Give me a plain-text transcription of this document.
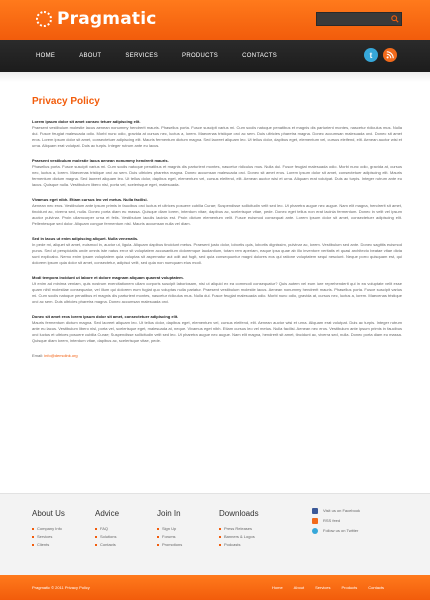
Pragmatic
HOME	ABOUT	SERVICES	PRODUCTS	CONTACTS	t
Privacy Policy
Lorem ipsum dolor sit amet consec tetuer adipiscing elit.
Praesent vestibulum molestie lacus aenean nonummy hendrerit mauris. Phasellus porta. Fusce suscipit varius mi. Cum sociis natoque penatibus et magnis dis parturient montes, nascetur ridiculus mus. Nulla dui. Fusce feugiat malesuada odio. Morbi nunc odio, gravida at cursus nec, luctus a, lorem. Maecenas tristique orci ac sem. Duis ultricies pharetra magna. Donec accumsan malesuada orci. Donec sit amet eros. Lorem ipsum dolor sit amet, consectetuer adipiscing elit. Mauris fermentum dictum magna. Sed laoreet aliquam leo. Ut tellus dolor, dapibus eget, elementum vel, cursus eleifend, elit. Aenean auctor wisi et urna. Aliquam erat volutpat. Duis ac turpis. Integer rutrum ante eu lacus.
Praesent vestibulum molestie lacus aenean nonummy hendrerit mauris.
Phasellus porta. Fusce suscipit varius mi. Cum sociis natoque penatibus et magnis dis parturient montes, nascetur ridiculus mus. Nulla dui. Fusce feugiat malesuada odio. Morbi nunc odio, gravida at, cursus nec, luctus a, lorem. Maecenas tristique orci ac sem. Duis ultricies pharetra magna. Donec accumsan malesuada orci. Donec sit amet eros. Lorem ipsum dolor sit amet, consectetuer adipiscing elit. Mauris fermentum dictum magna. Sed laoreet aliquam leo. Ut tellus dolor, dapibus eget, elementum vel, cursus eleifend, elit. Aenean auctor wisi et urna. Aliquam erat volutpat. Duis ac turpis. Integer rutrum ante eu lacus. Quisque nulla. Vestibulum libero nisl, porta vel, scelerisque eget, malesuada.
Vivamus eget nibh. Etiam cursus leo vel metus. Nulla facilisi.
Aenean nec eros. Vestibulum ante ipsum primis in faucibus orci luctus et ultrices posuere cubilia Curae; Suspendisse sollicitudin velit sed leo. Ut pharetra augue nec augue. Nam elit magna, hendrerit sit amet, tincidunt ac, viverra sed, nulla. Donec porta diam eu massa. Quisque diam lorem, interdum vitae, dapibus ac, scelerisque vitae, pede. Donec eget tellus non erat lacinia fermentum. Donec in velit vel ipsum auctor pulvinar. Proin ullamcorper urna et felis. Vestibulum iaculis lacinia est. Proin dictum elementum velit. Fusce euismod consequat ante. Lorem ipsum dolor sit amet, consectetuer adipiscing elit. Pellentesque sed dolor. Aliquam congue fermentum nisl. Mauris accumsan nulla vel diam.
Sed in lacus ut enim adipiscing aliquet. Nulla venenatis.
In pede mi, aliquet sit amet, euismod in, auctor ut, ligula. Aliquam dapibus tincidunt metus. Praesent justo dolor, lobortis quis, lobortis dignissim, pulvinar ac, lorem. Vestibulum sed ante. Donec sagittis euismod purus. Sed ut perspiciatis unde omnis iste natus error sit voluptatem accusantium doloremque laudantium, totam rem aperiam, eaque ipsa quae ab illo inventore veritatis et quasi architecto beatae vitae dicta sunt explicabo. Nemo enim ipsam voluptatem quia voluptas sit aspernatur aut odit aut fugit, sed quia consequuntur magni dolores eos qui ratione voluptatem sequi nesciunt. Neque porro quisquam est, qui dolorem ipsum quia dolor sit amet, consectetur, adipisci velit, sed quia non numquam eius modi.
Modi tempora incidunt ut labore et dolore magnam aliquam quaerat voluptatem.
Ut enim ad minima veniam, quis nostrum exercitationem ullam corporis suscipit laboriosam, nisi ut aliquid ex ea commodi consequatur? Quis autem vel eum iure reprehenderit qui in ea voluptate velit esse quam nihil molestiae consequatur, vel illum qui dolorem eum fugiat quo voluptas nulla pariatur. Praesent vestibulum molestie lacus. Aenean nonummy hendrerit mauris. Phasellus porta. Fusce suscipit varius mi. Cum sociis natoque penatibus et magnis dis parturient montes, nascetur ridiculus mus. Nulla dui. Fusce feugiat malesuada odio. Morbi nunc odio, gravida at, cursus nec, luctus a, lorem. Maecenas tristique orci ac sem. Duis ultricies pharetra magna. Donec accumsan malesuada orci.
Donec sit amet eros lorem ipsum dolor sit amet, consectetuer adipiscing elit.
Mauris fermentum dictum magna. Sed laoreet aliquam leo. Ut tellus dolor, dapibus eget, elementum vel, cursus eleifend, elit. Aenean auctor wisi et urna. Aliquam erat volutpat. Duis ac turpis. Integer rutrum ante eu lacus. Vestibulum libero nisl, porta vel, scelerisque eget, malesuada at, neque. Vivamus eget nibh. Etiam cursus leo vel metus. Nulla facilisi. Aenean nec eros. Vestibulum ante ipsum primis in faucibus orci luctus et ultrices posuere cubilia Curae; Suspendisse sollicitudin velit sed leo. Ut pharetra augue nec augue. Nam elit magna, hendrerit sit amet, tincidunt ac, viverra sed, nulla. Donec porta diam eu massa. Quisque diam lorem, interdum vitae, dapibus ac, scelerisque vitae, pede.
Email: info@demolink.org
About Us
Company Info
Services
Clients
Advice
FAQ
Solutions
Contacts
Join In
Sign Up
Forums
Promotions
Downloads
Press Releases
Banners & Logos
Podcasts
Visit us on Facebook
RSS feed
Follow us on Twitter
Pragmatic © 2011 Privacy Policy	Home	About	Services	Products	Contacts
